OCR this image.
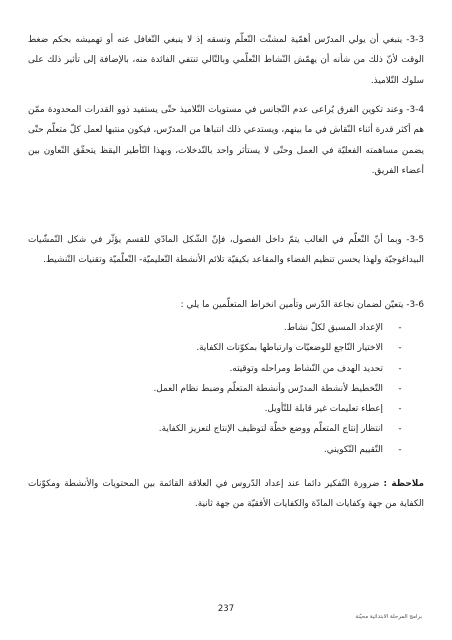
3-3- ينبغي أن يولي المدرّس أهمّية لمشتّت التّعلّم ونسقه إذ لا ينبغي التّغافل عنه أو تهميشه بحكم ضغط الوقت لأنّ ذلك من شأنه أن يهمّش النّشاط التّعلّمي وبالتّالي تنتفي الفائدة منه، بالإضافة إلى تأثير ذلك على سلوك التّلاميذ.

3-4- وعند تكوين الفرق يُراعى عدم التّجانس في مستويات التّلاميذ حتّى يستفيد ذوو القدرات المحدودة ممّن هم أكثر قدرة أثناء النّقاش في ما بينهم، ويستدعي ذلك انتباها من المدرّس، فيكون منتبها لعمل كلّ متعلّم حتّى يضمن مساهمته الفعليّة في العمل وحتّى لا يستأثر واحد بالتّدخلات، وبهذا التّأطير اليقظ يتحقّق التّعاون بين أعضاء الفريق.

3-5- وبما أنّ التّعلّم في الغالب يتمّ داخل الفصول، فإنّ الشّكل المادّي للقسم يؤثّر في شكل التّمشّيات البيداغوجيّة ولهذا يحسن تنظيم الفضاء والمقاعد بكيفيّة تلائم الأنشطة التّعليميّة- التّعلّميّة وتقنيات التّنشيط.

3-6- يتعيّن لضمان نجاعة الدّرس وتأمين انخراط المتعلّمين ما يلي :

-الإعداد المسبق لكلّ نشاط.
-الاختيار النّاجع للوضعيّات وارتباطها بمكوّنات الكفاية.
-تحديد الهدف من النّشاط ومراحله وتوقيته.
-التّخطيط لأنشطة المدرّس وأنشطة المتعلّم وضبط نظام العمل.
-إعطاء تعليمات غير قابلة للتّأويل.
-انتظار إنتاج المتعلّم ووضع خطّة لتوظيف الإنتاج لتعزيز الكفاية.
-التّقييم التّكويني.

ملاحظة : ضرورة التّفكير دائما عند إعداد الدّروس في العلاقة القائمة بين المحتويات والأنشطة ومكوّنات الكفاية من جهة وكفايات المادّة والكفايات الأفقيّة من جهة ثانية.

237
برامج المرحلة الابتدائية محيّنة
